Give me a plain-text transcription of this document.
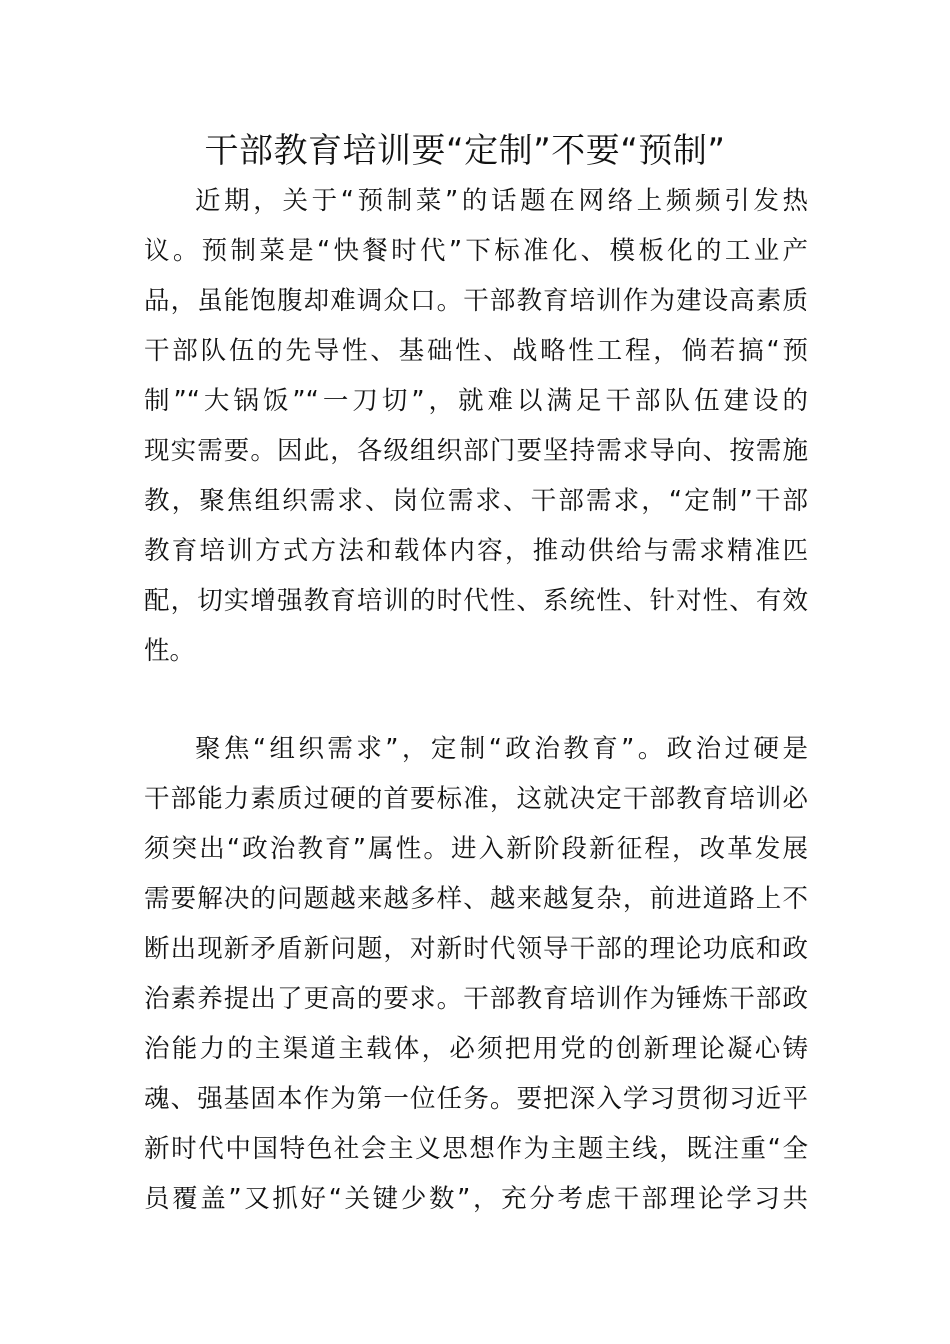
干部教育培训要“定制”不要“预制”
近期，关于“预制菜”的话题在网络上频频引发热
议。预制菜是“快餐时代”下标准化、模板化的工业产
品，虽能饱腹却难调众口。干部教育培训作为建设高素质
干部队伍的先导性、基础性、战略性工程，倘若搞“预
制”“大锅饭”“一刀切”，就难以满足干部队伍建设的
现实需要。因此，各级组织部门要坚持需求导向、按需施
教，聚焦组织需求、岗位需求、干部需求，“定制”干部
教育培训方式方法和载体内容，推动供给与需求精准匹
配，切实增强教育培训的时代性、系统性、针对性、有效
性。
聚焦“组织需求”，定制“政治教育”。政治过硬是
干部能力素质过硬的首要标准，这就决定干部教育培训必
须突出“政治教育”属性。进入新阶段新征程，改革发展
需要解决的问题越来越多样、越来越复杂，前进道路上不
断出现新矛盾新问题，对新时代领导干部的理论功底和政
治素养提出了更高的要求。干部教育培训作为锤炼干部政
治能力的主渠道主载体，必须把用党的创新理论凝心铸
魂、强基固本作为第一位任务。要把深入学习贯彻习近平
新时代中国特色社会主义思想作为主题主线，既注重“全
员覆盖”又抓好“关键少数”，充分考虑干部理论学习共
